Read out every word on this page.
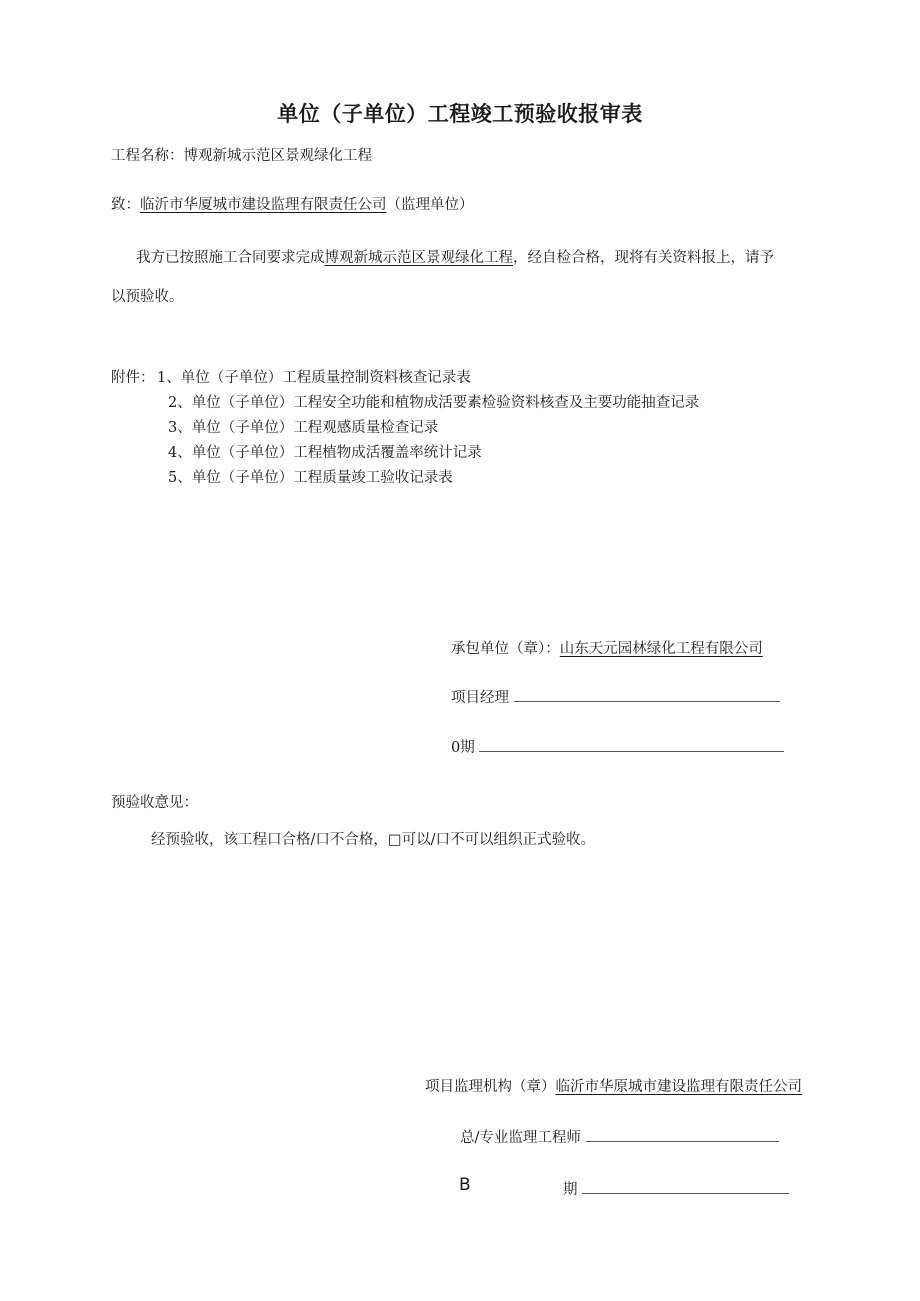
单位（子单位）工程竣工预验收报审表
工程名称：博观新城示范区景观绿化工程
致：临沂市华厦城市建设监理有限责任公司（监理单位）
我方已按照施工合同要求完成博观新城示范区景观绿化工程，经自检合格，现将有关资料报上，请予
以预验收。
附件： 1、单位（子单位）工程质量控制资料核查记录表
2、单位（子单位）工程安全功能和植物成活要素检验资料核查及主要功能抽查记录
3、单位（子单位）工程观感质量检查记录
4、单位（子单位）工程植物成活覆盖率统计记录
5、单位（子单位）工程质量竣工验收记录表
承包单位（章）：山东天元园林绿化工程有限公司
项目经理
0期
预验收意见：
经预验收，该工程口合格/口不合格，□可以/口不可以组织正式验收。
项目监理机构（章）临沂市华原城市建设监理有限责任公司
总/专业监理工程师
B	期
